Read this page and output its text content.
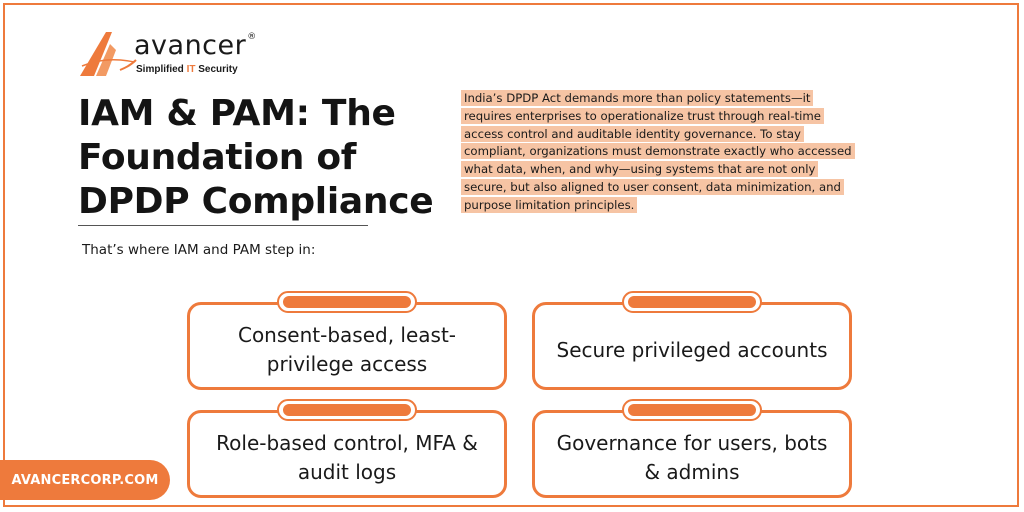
avancer®
Simplified IT Security
IAM & PAM: The Foundation of DPDP Compliance
That’s where IAM and PAM step in:
India’s DPDP Act demands more than policy statements—it requires enterprises to operationalize trust through real-time access control and auditable identity governance. To stay compliant, organizations must demonstrate exactly who accessed what data, when, and why—using systems that are not only secure, but also aligned to user consent, data minimization, and purpose limitation principles.
Consent-based, least-privilege access
Secure privileged accounts
Role-based control, MFA & audit logs
Governance for users, bots & admins
AVANCERCORP.COM
